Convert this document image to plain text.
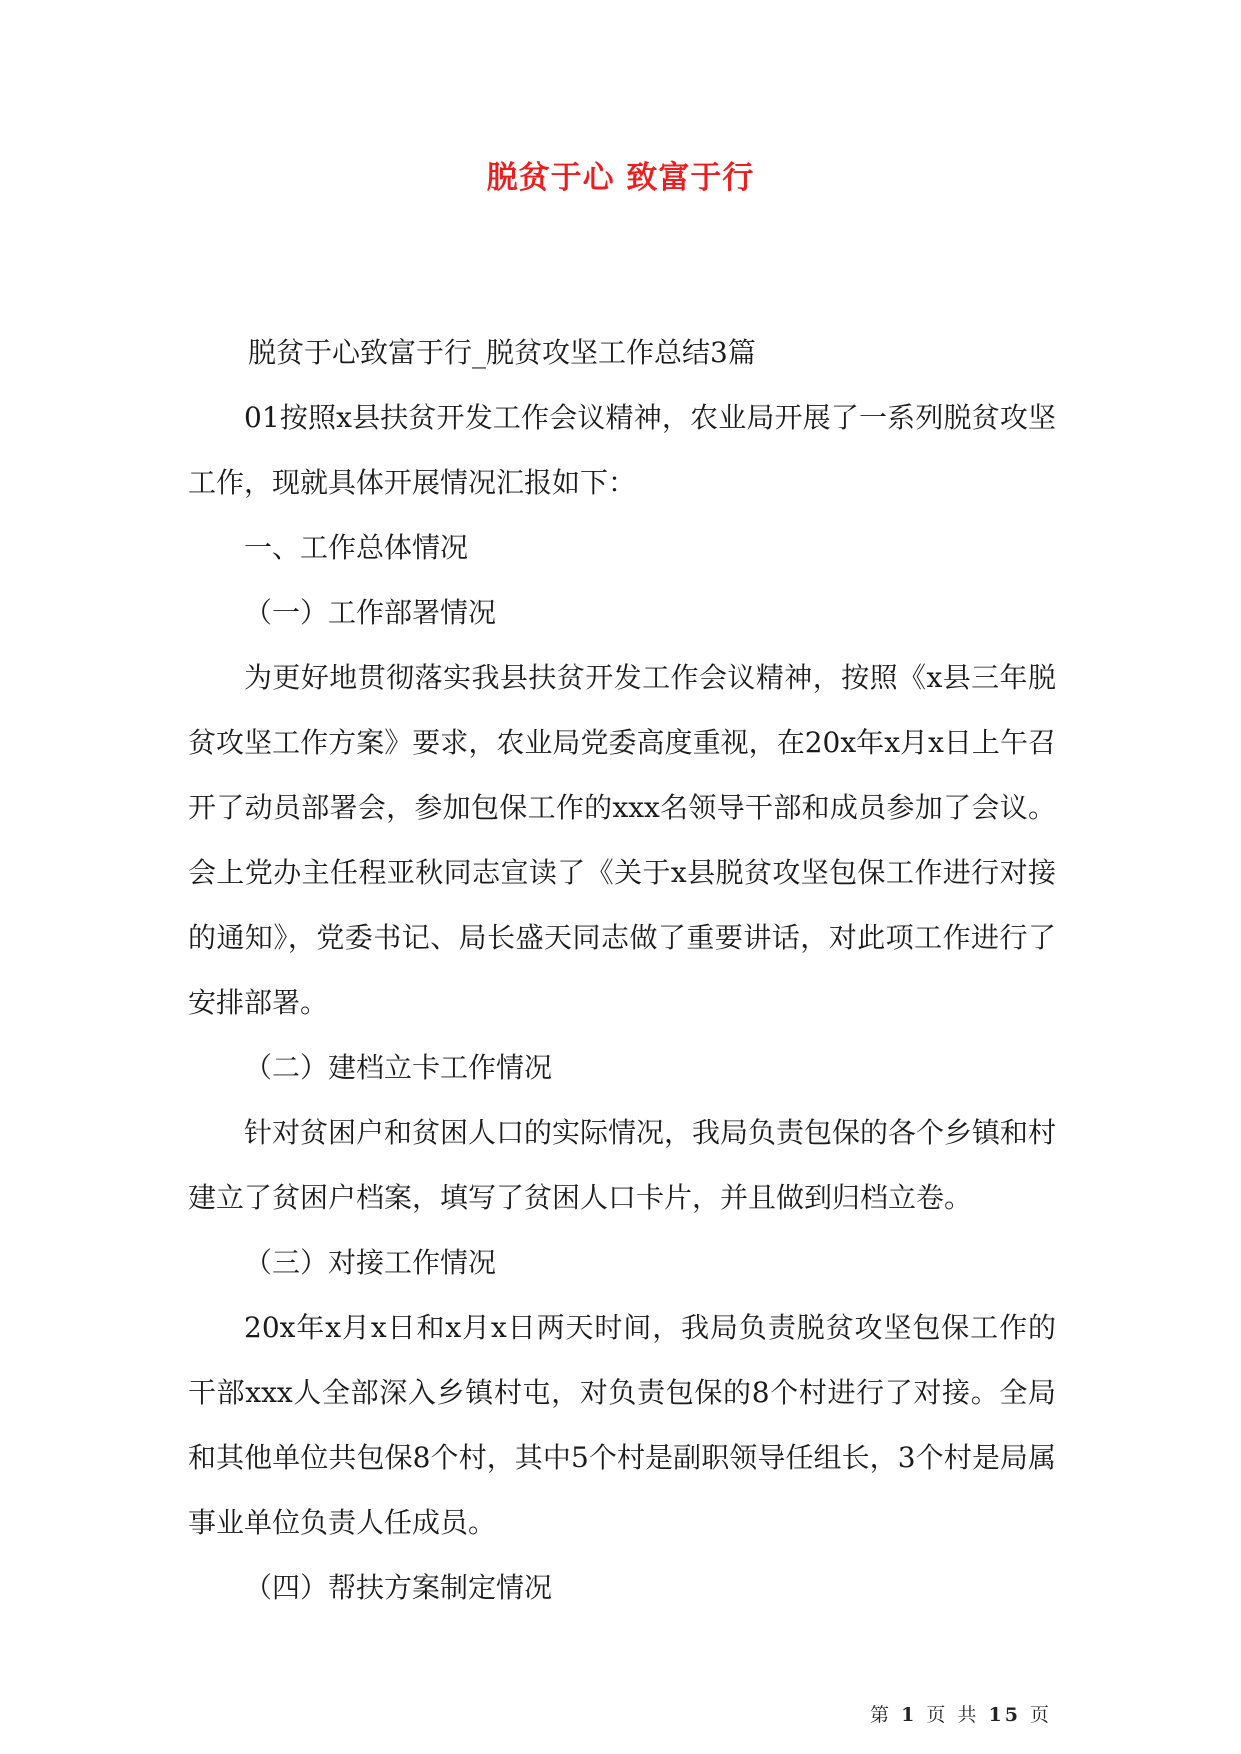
脱贫于心 致富于行

脱贫于心致富于行_脱贫攻坚工作总结3篇

01按照x县扶贫开发工作会议精神，农业局开展了一系列脱贫攻坚工作，现就具体开展情况汇报如下：

一、工作总体情况

（一）工作部署情况

为更好地贯彻落实我县扶贫开发工作会议精神，按照《x县三年脱贫攻坚工作方案》要求，农业局党委高度重视，在20x年x月x日上午召开了动员部署会，参加包保工作的xxx名领导干部和成员参加了会议。会上党办主任程亚秋同志宣读了《关于x县脱贫攻坚包保工作进行对接的通知》，党委书记、局长盛天同志做了重要讲话，对此项工作进行了安排部署。

（二）建档立卡工作情况

针对贫困户和贫困人口的实际情况，我局负责包保的各个乡镇和村建立了贫困户档案，填写了贫困人口卡片，并且做到归档立卷。

（三）对接工作情况

20x年x月x日和x月x日两天时间，我局负责脱贫攻坚包保工作的干部xxx人全部深入乡镇村屯，对负责包保的8个村进行了对接。全局和其他单位共包保8个村，其中5个村是副职领导任组长，3个村是局属事业单位负责人任成员。

（四）帮扶方案制定情况

第 1 页 共 15 页
